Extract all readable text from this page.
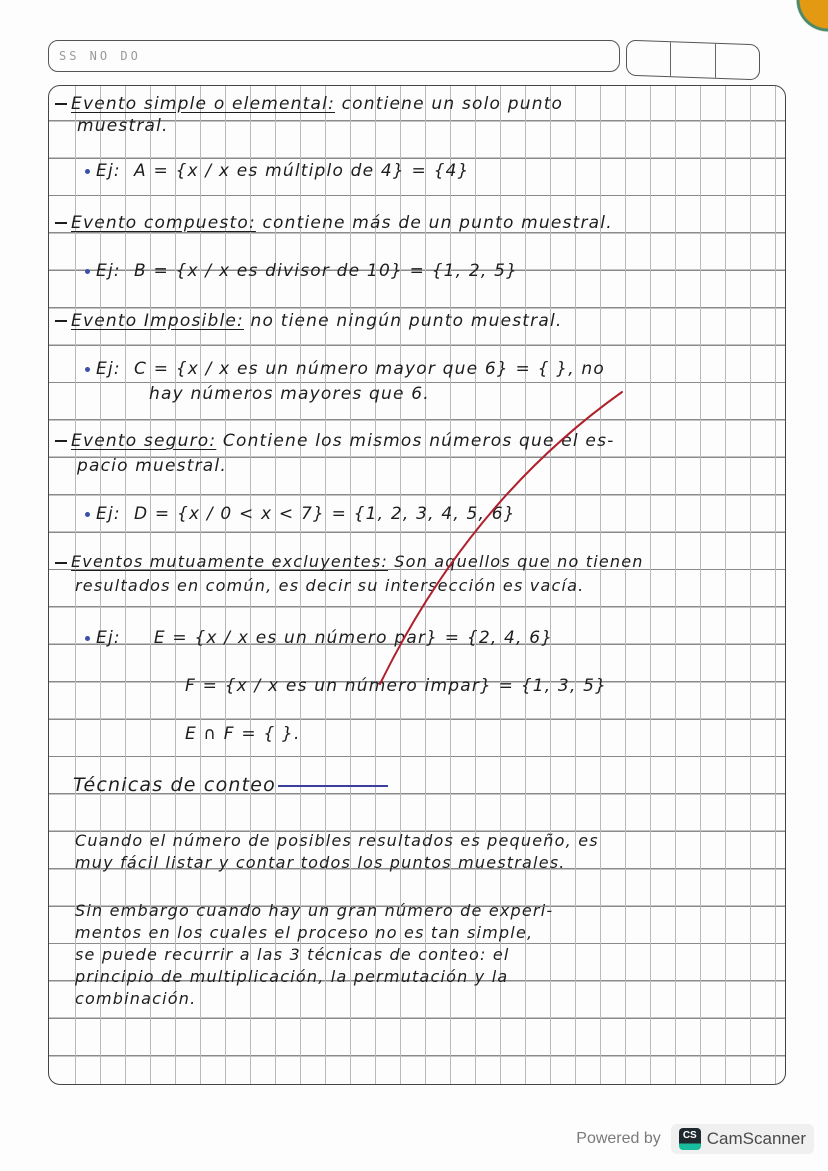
SS NO DO
Evento simple o elemental: contiene un solo punto
muestral.
Ej: A = {x / x es múltiplo de 4} = {4}
Evento compuesto: contiene más de un punto muestral.
Ej: B = {x / x es divisor de 10} = {1, 2, 5}
Evento Imposible: no tiene ningún punto muestral.
Ej: C = {x / x es un número mayor que 6} = { }, no
hay números mayores que 6.
Evento seguro: Contiene los mismos números que el es-
pacio muestral.
Ej: D = {x / 0 < x < 7} = {1, 2, 3, 4, 5, 6}
Eventos mutuamente excluyentes: Son aquellos que no tienen
resultados en común, es decir su intersección es vacía.
Ej: E = {x / x es un número par} = {2, 4, 6}
F = {x / x es un número impar} = {1, 3, 5}
E ∩ F = { }.
Técnicas de conteo
Cuando el número de posibles resultados es pequeño, es
muy fácil listar y contar todos los puntos muestrales.
Sin embargo cuando hay un gran número de experi-
mentos en los cuales el proceso no es tan simple,
se puede recurrir a las 3 técnicas de conteo: el
principio de multiplicación, la permutación y la
combinación.
Powered by	CS CamScanner
